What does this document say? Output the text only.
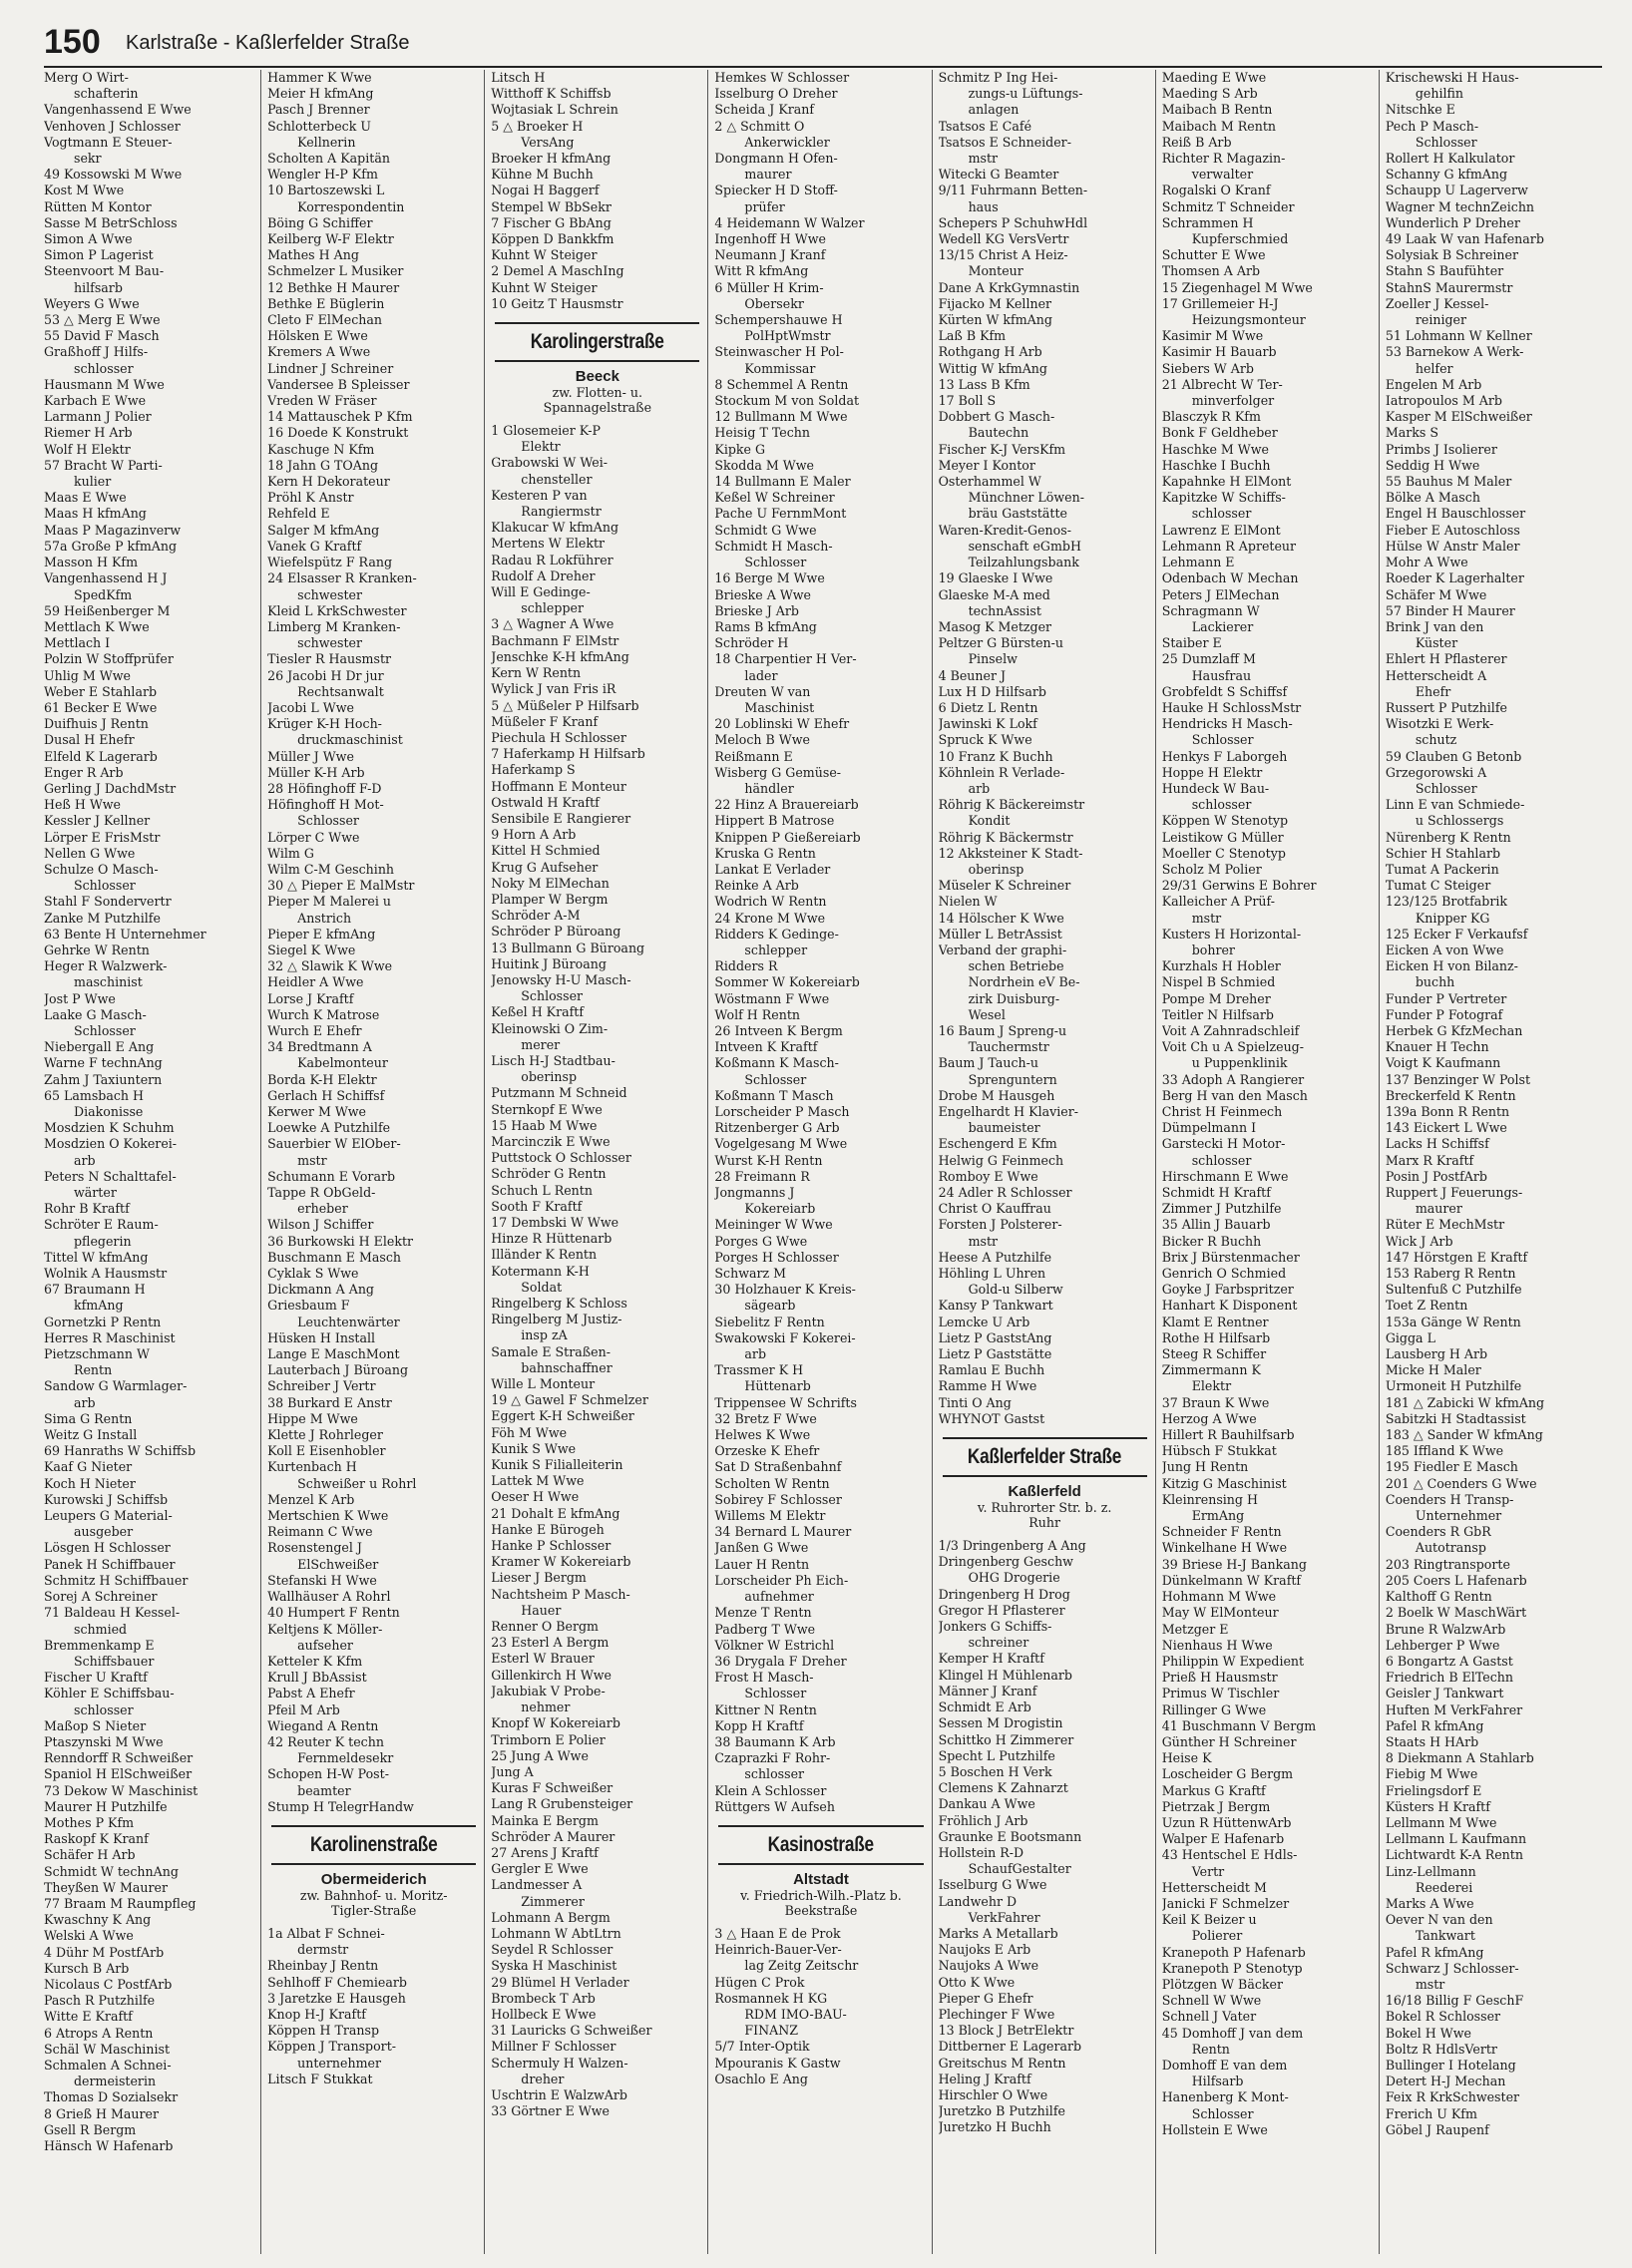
150 Karlstraße - Kaßlerfelder Straße
Merg O Wirt-
schafterin
Vangenhassend E Wwe
Venhoven J Schlosser
Vogtmann E Steuer-
sekr
49 Kossowski M Wwe
Kost M Wwe
Rütten M Kontor
Sasse M BetrSchloss
Simon A Wwe
Simon P Lagerist
Steenvoort M Bau-
hilfsarb
Weyers G Wwe
53 △ Merg E Wwe
55 David F Masch
Graßhoff J Hilfs-
schlosser
Hausmann M Wwe
Karbach E Wwe
Larmann J Polier
Riemer H Arb
Wolf H Elektr
57 Bracht W Parti-
kulier
Maas E Wwe
Maas H kfmAng
Maas P Magazinverw
57a Große P kfmAng
Masson H Kfm
Vangenhassend H J
SpedKfm
59 Heißenberger M
Mettlach K Wwe
Mettlach I
Polzin W Stoffprüfer
Uhlig M Wwe
Weber E Stahlarb
61 Becker E Wwe
Duifhuis J Rentn
Dusal H Ehefr
Elfeld K Lagerarb
Enger R Arb
Gerling J DachdMstr
Heß H Wwe
Kessler J Kellner
Lörper E FrisMstr
Nellen G Wwe
Schulze O Masch-
Schlosser
Stahl F Sondervertr
Zanke M Putzhilfe
63 Bente H Unternehmer
Gehrke W Rentn
Heger R Walzwerk-
maschinist
Jost P Wwe
Laake G Masch-
Schlosser
Niebergall E Ang
Warne F technAng
Zahm J Taxiuntern
65 Lamsbach H
Diakonisse
Mosdzien K Schuhm
Mosdzien O Kokerei-
arb
Peters N Schalttafel-
wärter
Rohr B Kraftf
Schröter E Raum-
pflegerin
Tittel W kfmAng
Wolnik A Hausmstr
67 Braumann H
kfmAng
Gornetzki P Rentn
Herres R Maschinist
Pietzschmann W
Rentn
Sandow G Warmlager-
arb
Sima G Rentn
Weitz G Install
69 Hanraths W Schiffsb
Kaaf G Nieter
Koch H Nieter
Kurowski J Schiffsb
Leupers G Material-
ausgeber
Lösgen H Schlosser
Panek H Schiffbauer
Schmitz H Schiffbauer
Sorej A Schreiner
71 Baldeau H Kessel-
schmied
Bremmenkamp E
Schiffsbauer
Fischer U Kraftf
Köhler E Schiffsbau-
schlosser
Maßop S Nieter
Ptaszynski M Wwe
Renndorff R Schweißer
Spaniol H ElSchweißer
73 Dekow W Maschinist
Maurer H Putzhilfe
Mothes P Kfm
Raskopf K Kranf
Schäfer H Arb
Schmidt W technAng
Theyßen W Maurer
77 Braam M Raumpfleg
Kwaschny K Ang
Welski A Wwe
4 Dühr M PostfArb
Kursch B Arb
Nicolaus C PostfArb
Pasch R Putzhilfe
Witte E Kraftf
6 Atrops A Rentn
Schäl W Maschinist
Schmalen A Schnei-
dermeisterin
Thomas D Sozialsekr
8 Grieß H Maurer
Gsell R Bergm
Hänsch W Hafenarb
Hammer K Wwe
Meier H kfmAng
Pasch J Brenner
Schlotterbeck U
Kellnerin
Scholten A Kapitän
Wengler H-P Kfm
10 Bartoszewski L
Korrespondentin
Böing G Schiffer
Keilberg W-F Elektr
Mathes H Ang
Schmelzer L Musiker
12 Bethke H Maurer
Bethke E Büglerin
Cleto F ElMechan
Hölsken E Wwe
Kremers A Wwe
Lindner J Schreiner
Vandersee B Spleisser
Vreden W Fräser
14 Mattauschek P Kfm
16 Doede K Konstrukt
Kaschuge N Kfm
18 Jahn G TOAng
Kern H Dekorateur
Pröhl K Anstr
Rehfeld E
Salger M kfmAng
Vanek G Kraftf
Wiefelspütz F Rang
24 Elsasser R Kranken-
schwester
Kleid L KrkSchwester
Limberg M Kranken-
schwester
Tiesler R Hausmstr
26 Jacobi H Dr jur
Rechtsanwalt
Jacobi L Wwe
Krüger K-H Hoch-
druckmaschinist
Müller J Wwe
Müller K-H Arb
28 Höfinghoff F-D
Höfinghoff H Mot-
Schlosser
Lörper C Wwe
Wilm G
Wilm C-M Geschinh
30 △ Pieper E MalMstr
Pieper M Malerei u
Anstrich
Pieper E kfmAng
Siegel K Wwe
32 △ Slawik K Wwe
Heidler A Wwe
Lorse J Kraftf
Wurch K Matrose
Wurch E Ehefr
34 Bredtmann A
Kabelmonteur
Borda K-H Elektr
Gerlach H Schiffsf
Kerwer M Wwe
Loewke A Putzhilfe
Sauerbier W ElOber-
mstr
Schumann E Vorarb
Tappe R ObGeld-
erheber
Wilson J Schiffer
36 Burkowski H Elektr
Buschmann E Masch
Cyklak S Wwe
Dickmann A Ang
Griesbaum F
Leuchtenwärter
Hüsken H Install
Lange E MaschMont
Lauterbach J Büroang
Schreiber J Vertr
38 Burkard E Anstr
Hippe M Wwe
Klette J Rohrleger
Koll E Eisenhobler
Kurtenbach H
Schweißer u Rohrl
Menzel K Arb
Mertschien K Wwe
Reimann C Wwe
Rosenstengel J
ElSchweißer
Stefanski H Wwe
Wallhäuser A Rohrl
40 Humpert F Rentn
Keltjens K Möller-
aufseher
Ketteler K Kfm
Krull J BbAssist
Pabst A Ehefr
Pfeil M Arb
Wiegand A Rentn
42 Reuter K techn
Fernmeldesekr
Schopen H-W Post-
beamter
Stump H TelegrHandw
Karolinenstraße
Obermeiderich
zw. Bahnhof- u. Moritz-
Tigler-Straße
1a Albat F Schnei-
dermstr
Rheinbay J Rentn
Sehlhoff F Chemiearb
3 Jaretzke E Hausgeh
Knop H-J Kraftf
Köppen H Transp
Köppen J Transport-
unternehmer
Litsch F Stukkat
Litsch H
Witthoff K Schiffsb
Wojtasiak L Schrein
5 △ Broeker H
VersAng
Broeker H kfmAng
Kühne M Buchh
Nogai H Baggerf
Stempel W BbSekr
7 Fischer G BbAng
Köppen D Bankkfm
Kuhnt W Steiger
2 Demel A MaschIng
Kuhnt W Steiger
10 Geitz T Hausmstr
Karolingerstraße
Beeck
zw. Flotten- u.
Spannagelstraße
1 Glosemeier K-P
Elektr
Grabowski W Wei-
chensteller
Kesteren P van
Rangiermstr
Klakucar W kfmAng
Mertens W Elektr
Radau R Lokführer
Rudolf A Dreher
Will E Gedinge-
schlepper
3 △ Wagner A Wwe
Bachmann F ElMstr
Jenschke K-H kfmAng
Kern W Rentn
Wylick J van Fris iR
5 △ Müßeler P Hilfsarb
Müßeler F Kranf
Piechula H Schlosser
7 Haferkamp H Hilfsarb
Haferkamp S
Hoffmann E Monteur
Ostwald H Kraftf
Sensibile E Rangierer
9 Horn A Arb
Kittel H Schmied
Krug G Aufseher
Noky M ElMechan
Plamper W Bergm
Schröder A-M
Schröder P Büroang
13 Bullmann G Büroang
Huitink J Büroang
Jenowsky H-U Masch-
Schlosser
Keßel H Kraftf
Kleinowski O Zim-
merer
Lisch H-J Stadtbau-
oberinsp
Putzmann M Schneid
Sternkopf E Wwe
15 Haab M Wwe
Marcinczik E Wwe
Puttstock O Schlosser
Schröder G Rentn
Schuch L Rentn
Sooth F Kraftf
17 Dembski W Wwe
Hinze R Hüttenarb
Illänder K Rentn
Kotermann K-H
Soldat
Ringelberg K Schloss
Ringelberg M Justiz-
insp zA
Samale E Straßen-
bahnschaffner
Wille L Monteur
19 △ Gawel F Schmelzer
Eggert K-H Schweißer
Föh M Wwe
Kunik S Wwe
Kunik S Filialleiterin
Lattek M Wwe
Oeser H Wwe
21 Dohalt E kfmAng
Hanke E Bürogeh
Hanke P Schlosser
Kramer W Kokereiarb
Lieser J Bergm
Nachtsheim P Masch-
Hauer
Renner O Bergm
23 Esterl A Bergm
Esterl W Brauer
Gillenkirch H Wwe
Jakubiak V Probe-
nehmer
Knopf W Kokereiarb
Trimborn E Polier
25 Jung A Wwe
Jung A
Kuras F Schweißer
Lang R Grubensteiger
Mainka E Bergm
Schröder A Maurer
27 Arens J Kraftf
Gergler E Wwe
Landmesser A
Zimmerer
Lohmann A Bergm
Lohmann W AbtLtrn
Seydel R Schlosser
Syska H Maschinist
29 Blümel H Verlader
Brombeck T Arb
Hollbeck E Wwe
31 Lauricks G Schweißer
Millner F Schlosser
Schermuly H Walzen-
dreher
Uschtrin E WalzwArb
33 Görtner E Wwe
Hemkes W Schlosser
Isselburg O Dreher
Scheida J Kranf
2 △ Schmitt O
Ankerwickler
Dongmann H Ofen-
maurer
Spiecker H D Stoff-
prüfer
4 Heidemann W Walzer
Ingenhoff H Wwe
Neumann J Kranf
Witt R kfmAng
6 Müller H Krim-
Obersekr
Schempershauwe H
PolHptWmstr
Steinwascher H Pol-
Kommissar
8 Schemmel A Rentn
Stockum M von Soldat
12 Bullmann M Wwe
Heisig T Techn
Kipke G
Skodda M Wwe
14 Bullmann E Maler
Keßel W Schreiner
Pache U FernmMont
Schmidt G Wwe
Schmidt H Masch-
Schlosser
16 Berge M Wwe
Brieske A Wwe
Brieske J Arb
Rams B kfmAng
Schröder H
18 Charpentier H Ver-
lader
Dreuten W van
Maschinist
20 Loblinski W Ehefr
Meloch B Wwe
Reißmann E
Wisberg G Gemüse-
händler
22 Hinz A Brauereiarb
Hippert B Matrose
Knippen P Gießereiarb
Kruska G Rentn
Lankat E Verlader
Reinke A Arb
Wodrich W Rentn
24 Krone M Wwe
Ridders K Gedinge-
schlepper
Ridders R
Sommer W Kokereiarb
Wöstmann F Wwe
Wolf H Rentn
26 Intveen K Bergm
Intveen K Kraftf
Koßmann K Masch-
Schlosser
Koßmann T Masch
Lorscheider P Masch
Ritzenberger G Arb
Vogelgesang M Wwe
Wurst K-H Rentn
28 Freimann R
Jongmanns J
Kokereiarb
Meininger W Wwe
Porges G Wwe
Porges H Schlosser
Schwarz M
30 Holzhauer K Kreis-
sägearb
Siebelitz F Rentn
Swakowski F Kokerei-
arb
Trassmer K H
Hüttenarb
Trippensee W Schrifts
32 Bretz F Wwe
Helwes K Wwe
Orzeske K Ehefr
Sat D Straßenbahnf
Scholten W Rentn
Sobirey F Schlosser
Willems M Elektr
34 Bernard L Maurer
Janßen G Wwe
Lauer H Rentn
Lorscheider Ph Eich-
aufnehmer
Menze T Rentn
Padberg T Wwe
Völkner W Estrichl
36 Drygala F Dreher
Frost H Masch-
Schlosser
Kittner N Rentn
Kopp H Kraftf
38 Baumann K Arb
Czaprazki F Rohr-
schlosser
Klein A Schlosser
Rüttgers W Aufseh
Kasinostraße
Altstadt
v. Friedrich-Wilh.-Platz b.
Beekstraße
3 △ Haan E de Prok
Heinrich-Bauer-Ver-
lag Zeitg Zeitschr
Hügen C Prok
Rosmannek H KG
RDM IMO-BAU-
FINANZ
5/7 Inter-Optik
Mpouranis K Gastw
Osachlo E Ang
Schmitz P Ing Hei-
zungs-u Lüftungs-
anlagen
Tsatsos E Café
Tsatsos E Schneider-
mstr
Witecki G Beamter
9/11 Fuhrmann Betten-
haus
Schepers P SchuhwHdl
Wedell KG VersVertr
13/15 Christ A Heiz-
Monteur
Dane A KrkGymnastin
Fijacko M Kellner
Kürten W kfmAng
Laß B Kfm
Rothgang H Arb
Wittig W kfmAng
13 Lass B Kfm
17 Boll S
Dobbert G Masch-
Bautechn
Fischer K-J VersKfm
Meyer I Kontor
Osterhammel W
Münchner Löwen-
bräu Gaststätte
Waren-Kredit-Genos-
senschaft eGmbH
Teilzahlungsbank
19 Glaeske I Wwe
Glaeske M-A med
technAssist
Masog K Metzger
Peltzer G Bürsten-u
Pinselw
4 Beuner J
Lux H D Hilfsarb
6 Dietz L Rentn
Jawinski K Lokf
Spruck K Wwe
10 Franz K Buchh
Köhnlein R Verlade-
arb
Röhrig K Bäckereimstr
Kondit
Röhrig K Bäckermstr
12 Akksteiner K Stadt-
oberinsp
Müseler K Schreiner
Nielen W
14 Hölscher K Wwe
Müller L BetrAssist
Verband der graphi-
schen Betriebe
Nordrhein eV Be-
zirk Duisburg-
Wesel
16 Baum J Spreng-u
Tauchermstr
Baum J Tauch-u
Sprenguntern
Drobe M Hausgeh
Engelhardt H Klavier-
baumeister
Eschengerd E Kfm
Helwig G Feinmech
Romboy E Wwe
24 Adler R Schlosser
Christ O Kauffrau
Forsten J Polsterer-
mstr
Heese A Putzhilfe
Höhling L Uhren
Gold-u Silberw
Kansy P Tankwart
Lemcke U Arb
Lietz P GaststAng
Lietz P Gaststätte
Ramlau E Buchh
Ramme H Wwe
Tinti O Ang
WHYNOT Gastst
Kaßlerfelder Straße
Kaßlerfeld
v. Ruhrorter Str. b. z.
Ruhr
1/3 Dringenberg A Ang
Dringenberg Geschw
OHG Drogerie
Dringenberg H Drog
Gregor H Pflasterer
Jonkers G Schiffs-
schreiner
Kemper H Kraftf
Klingel H Mühlenarb
Männer J Kranf
Schmidt E Arb
Sessen M Drogistin
Schittko H Zimmerer
Specht L Putzhilfe
5 Boschen H Verk
Clemens K Zahnarzt
Dankau A Wwe
Fröhlich J Arb
Graunke E Bootsmann
Hollstein R-D
SchaufGestalter
Isselburg G Wwe
Landwehr D
VerkFahrer
Marks A Metallarb
Naujoks E Arb
Naujoks A Wwe
Otto K Wwe
Pieper G Ehefr
Plechinger F Wwe
13 Block J BetrElektr
Dittberner E Lagerarb
Greitschus M Rentn
Heling J Kraftf
Hirschler O Wwe
Juretzko B Putzhilfe
Juretzko H Buchh
Maeding E Wwe
Maeding S Arb
Maibach B Rentn
Maibach M Rentn
Reiß B Arb
Richter R Magazin-
verwalter
Rogalski O Kranf
Schmitz T Schneider
Schrammen H
Kupferschmied
Schutter E Wwe
Thomsen A Arb
15 Ziegenhagel M Wwe
17 Grillemeier H-J
Heizungsmonteur
Kasimir M Wwe
Kasimir H Bauarb
Siebers W Arb
21 Albrecht W Ter-
minverfolger
Blasczyk R Kfm
Bonk F Geldheber
Haschke M Wwe
Haschke I Buchh
Kapahnke H ElMont
Kapitzke W Schiffs-
schlosser
Lawrenz E ElMont
Lehmann R Apreteur
Lehmann E
Odenbach W Mechan
Peters J ElMechan
Schragmann W
Lackierer
Staiber E
25 Dumzlaff M
Hausfrau
Grobfeldt S Schiffsf
Hauke H SchlossMstr
Hendricks H Masch-
Schlosser
Henkys F Laborgeh
Hoppe H Elektr
Hundeck W Bau-
schlosser
Köppen W Stenotyp
Leistikow G Müller
Moeller C Stenotyp
Scholz M Polier
29/31 Gerwins E Bohrer
Kalleicher A Prüf-
mstr
Kusters H Horizontal-
bohrer
Kurzhals H Hobler
Nispel B Schmied
Pompe M Dreher
Teitler N Hilfsarb
Voit A Zahnradschleif
Voit Ch u A Spielzeug-
u Puppenklinik
33 Adoph A Rangierer
Berg H van den Masch
Christ H Feinmech
Dümpelmann I
Garstecki H Motor-
schlosser
Hirschmann E Wwe
Schmidt H Kraftf
Zimmer J Putzhilfe
35 Allin J Bauarb
Bicker R Buchh
Brix J Bürstenmacher
Genrich O Schmied
Goyke J Farbspritzer
Hanhart K Disponent
Klamt E Rentner
Rothe H Hilfsarb
Steeg R Schiffer
Zimmermann K
Elektr
37 Braun K Wwe
Herzog A Wwe
Hillert R Bauhilfsarb
Hübsch F Stukkat
Jung H Rentn
Kitzig G Maschinist
Kleinrensing H
ErmAng
Schneider F Rentn
Winkelhane H Wwe
39 Briese H-J Bankang
Dünkelmann W Kraftf
Hohmann M Wwe
May W ElMonteur
Metzger E
Nienhaus H Wwe
Philippin W Expedient
Prieß H Hausmstr
Primus W Tischler
Rillinger G Wwe
41 Buschmann V Bergm
Günther H Schreiner
Heise K
Loscheider G Bergm
Markus G Kraftf
Pietrzak J Bergm
Uzun R HüttenwArb
Walper E Hafenarb
43 Hentschel E Hdls-
Vertr
Hetterscheidt M
Janicki F Schmelzer
Keil K Beizer u
Polierer
Kranepoth P Hafenarb
Kranepoth P Stenotyp
Plötzgen W Bäcker
Schnell W Wwe
Schnell J Vater
45 Domhoff J van dem
Rentn
Domhoff E van dem
Hilfsarb
Hanenberg K Mont-
Schlosser
Hollstein E Wwe
Krischewski H Haus-
gehilfin
Nitschke E
Pech P Masch-
Schlosser
Rollert H Kalkulator
Schanny G kfmAng
Schaupp U Lagerverw
Wagner M technZeichn
Wunderlich P Dreher
49 Laak W van Hafenarb
Solysiak B Schreiner
Stahn S Baufühter
StahnS Maurermstr
Zoeller J Kessel-
reiniger
51 Lohmann W Kellner
53 Barnekow A Werk-
helfer
Engelen M Arb
Iatropoulos M Arb
Kasper M ElSchweißer
Marks S
Primbs J Isolierer
Seddig H Wwe
55 Bauhus M Maler
Bölke A Masch
Engel H Bauschlosser
Fieber E Autoschloss
Hülse W Anstr Maler
Mohr A Wwe
Roeder K Lagerhalter
Schäfer M Wwe
57 Binder H Maurer
Brink J van den
Küster
Ehlert H Pflasterer
Hetterscheidt A
Ehefr
Russert P Putzhilfe
Wisotzki E Werk-
schutz
59 Clauben G Betonb
Grzegorowski A
Schlosser
Linn E van Schmiede-
u Schlossergs
Nürenberg K Rentn
Schier H Stahlarb
Tumat A Packerin
Tumat C Steiger
123/125 Brotfabrik
Knipper KG
125 Ecker F Verkaufsf
Eicken A von Wwe
Eicken H von Bilanz-
buchh
Funder P Vertreter
Funder P Fotograf
Herbek G KfzMechan
Knauer H Techn
Voigt K Kaufmann
137 Benzinger W Polst
Breckerfeld K Rentn
139a Bonn R Rentn
143 Eickert L Wwe
Lacks H Schiffsf
Marx R Kraftf
Posin J PostfArb
Ruppert J Feuerungs-
maurer
Rüter E MechMstr
Wick J Arb
147 Hörstgen E Kraftf
153 Raberg R Rentn
Sultenfuß C Putzhilfe
Toet Z Rentn
153a Gänge W Rentn
Gigga L
Lausberg H Arb
Micke H Maler
Urmoneit H Putzhilfe
181 △ Zabicki W kfmAng
Sabitzki H Stadtassist
183 △ Sander W kfmAng
185 Iffland K Wwe
195 Fiedler E Masch
201 △ Coenders G Wwe
Coenders H Transp-
Unternehmer
Coenders R GbR
Autotransp
203 Ringtransporte
205 Coers L Hafenarb
Kalthoff G Rentn
2 Boelk W MaschWärt
Brune R WalzwArb
Lehberger P Wwe
6 Bongartz A Gastst
Friedrich B ElTechn
Geisler J Tankwart
Huften M VerkFahrer
Pafel R kfmAng
Staats H HArb
8 Diekmann A Stahlarb
Fiebig M Wwe
Frielingsdorf E
Küsters H Kraftf
Lellmann M Wwe
Lellmann L Kaufmann
Lichtwardt K-A Rentn
Linz-Lellmann
Reederei
Marks A Wwe
Oever N van den
Tankwart
Pafel R kfmAng
Schwarz J Schlosser-
mstr
16/18 Billig F GeschF
Bokel R Schlosser
Bokel H Wwe
Boltz R HdlsVertr
Bullinger I Hotelang
Detert H-J Mechan
Feix R KrkSchwester
Frerich U Kfm
Göbel J Raupenf
